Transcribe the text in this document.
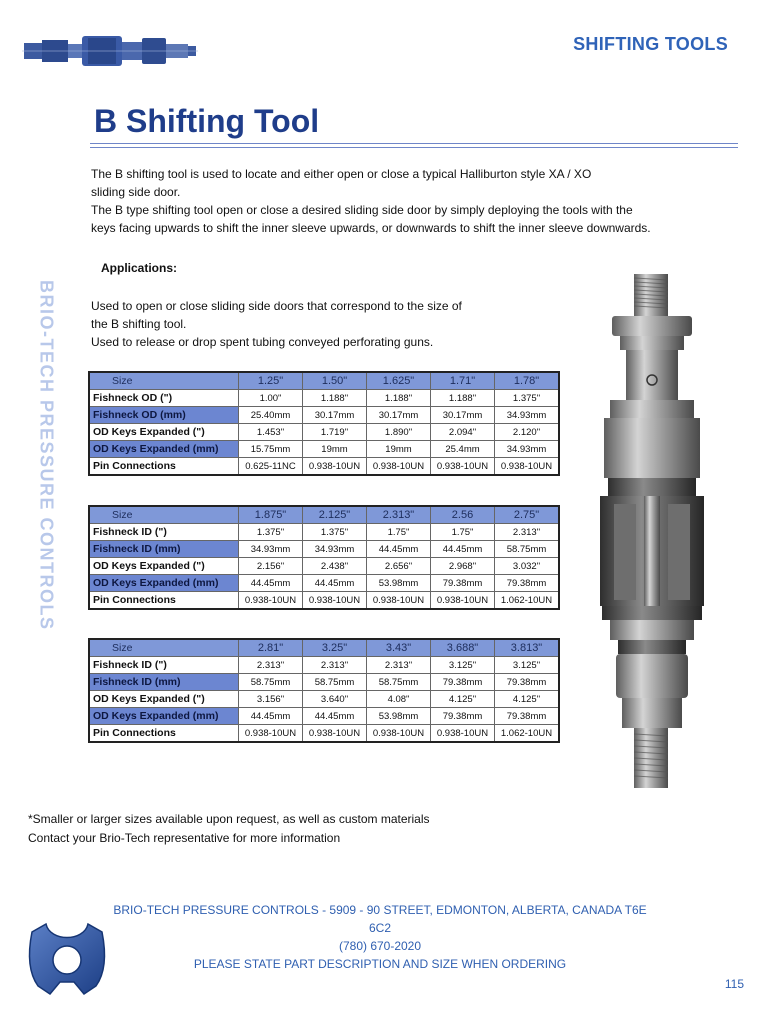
SHIFTING TOOLS
B Shifting Tool
BRIO-TECH PRESSURE CONTROLS
The B shifting tool is used to locate and either open or close a typical Halliburton style XA / XO
sliding side door.
The B type shifting tool open or close a desired sliding side door by simply deploying the tools with the
keys facing upwards to shift the inner sleeve upwards, or downwards to shift the inner sleeve downwards.
Applications:
Used to open or close sliding side doors that correspond to the size of
the B shifting tool.
Used to release or drop spent tubing conveyed perforating guns.
Size	1.25"	1.50"	1.625"	1.71"	1.78"
Fishneck OD (")	1.00"	1.188"	1.188"	1.188"	1.375"
Fishneck OD (mm)	25.40mm	30.17mm	30.17mm	30.17mm	34.93mm
OD Keys Expanded (")	1.453"	1.719"	1.890"	2.094"	2.120"
OD Keys Expanded (mm)	15.75mm	19mm	19mm	25.4mm	34.93mm
Pin Connections	0.625-11NC	0.938-10UN	0.938-10UN	0.938-10UN	0.938-10UN
Size	1.875"	2.125"	2.313"	2.56	2.75"
Fishneck ID (")	1.375"	1.375"	1.75"	1.75"	2.313"
Fishneck ID (mm)	34.93mm	34.93mm	44.45mm	44.45mm	58.75mm
OD Keys Expanded (")	2.156"	2.438"	2.656"	2.968"	3.032"
OD Keys Expanded (mm)	44.45mm	44.45mm	53.98mm	79.38mm	79.38mm
Pin Connections	0.938-10UN	0.938-10UN	0.938-10UN	0.938-10UN	1.062-10UN
Size	2.81"	3.25"	3.43"	3.688"	3.813"
Fishneck ID (")	2.313"	2.313"	2.313"	3.125"	3.125"
Fishneck ID (mm)	58.75mm	58.75mm	58.75mm	79.38mm	79.38mm
OD Keys Expanded (")	3.156"	3.640"	4.08"	4.125"	4.125"
OD Keys Expanded (mm)	44.45mm	44.45mm	53.98mm	79.38mm	79.38mm
Pin Connections	0.938-10UN	0.938-10UN	0.938-10UN	0.938-10UN	1.062-10UN
*Smaller or larger sizes available upon request, as well as custom materials
Contact your Brio-Tech representative for more information
BRIO-TECH PRESSURE CONTROLS - 5909 - 90 STREET, EDMONTON, ALBERTA, CANADA T6E 6C2
(780) 670-2020
PLEASE STATE PART DESCRIPTION AND SIZE WHEN ORDERING
115
